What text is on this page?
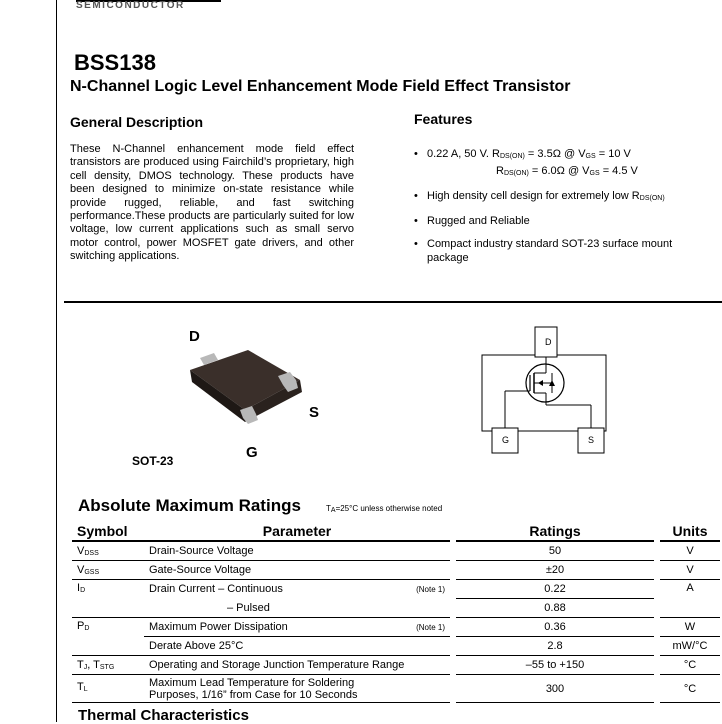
SEMICONDUCTOR
BSS138
N-Channel Logic Level Enhancement Mode Field Effect Transistor
General Description
These N-Channel enhancement mode field effect transistors are produced using Fairchild’s proprietary, high cell density, DMOS technology. These products have been designed to minimize on-state resistance while provide rugged, reliable, and fast switching performance.These products are particularly suited for low voltage, low current applications such as small servo motor control, power MOSFET gate drivers, and other switching applications.
Features
• 0.22 A, 50 V. $R_{DS(ON)} = 3.5\Omega$ @ $V_{GS} = 10$ V
$R_{DS(ON)} = 6.0\Omega$ @ $V_{GS} = 4.5$ V
• High density cell design for extremely low $R_{DS(ON)}$
• Rugged and Reliable
• Compact industry standard SOT-23 surface mount package
D
S
G
SOT-23
D
G	S
Absolute Maximum Ratings	$T_A=25^\circ C$ unless otherwise noted
Symbol	Parameter			Ratings		Units
$V_{DSS}$	Drain-Source Voltage			50		V
$V_{GSS}$	Gate-Source Voltage			±20		V
$I_D$	Drain Current – Continuous	(Note 1)		0.22		A
	– Pulsed			0.88		
$P_D$	Maximum Power Dissipation	(Note 1)		0.36		W
	Derate Above 25°C			2.8		mW/°C
$T_J$, $T_{STG}$	Operating and Storage Junction Temperature Range			–55 to +150		°C
$T_L$	Maximum Lead Temperature for Soldering
Purposes, 1/16” from Case for 10 Seconds			300		°C
Thermal Characteristics
